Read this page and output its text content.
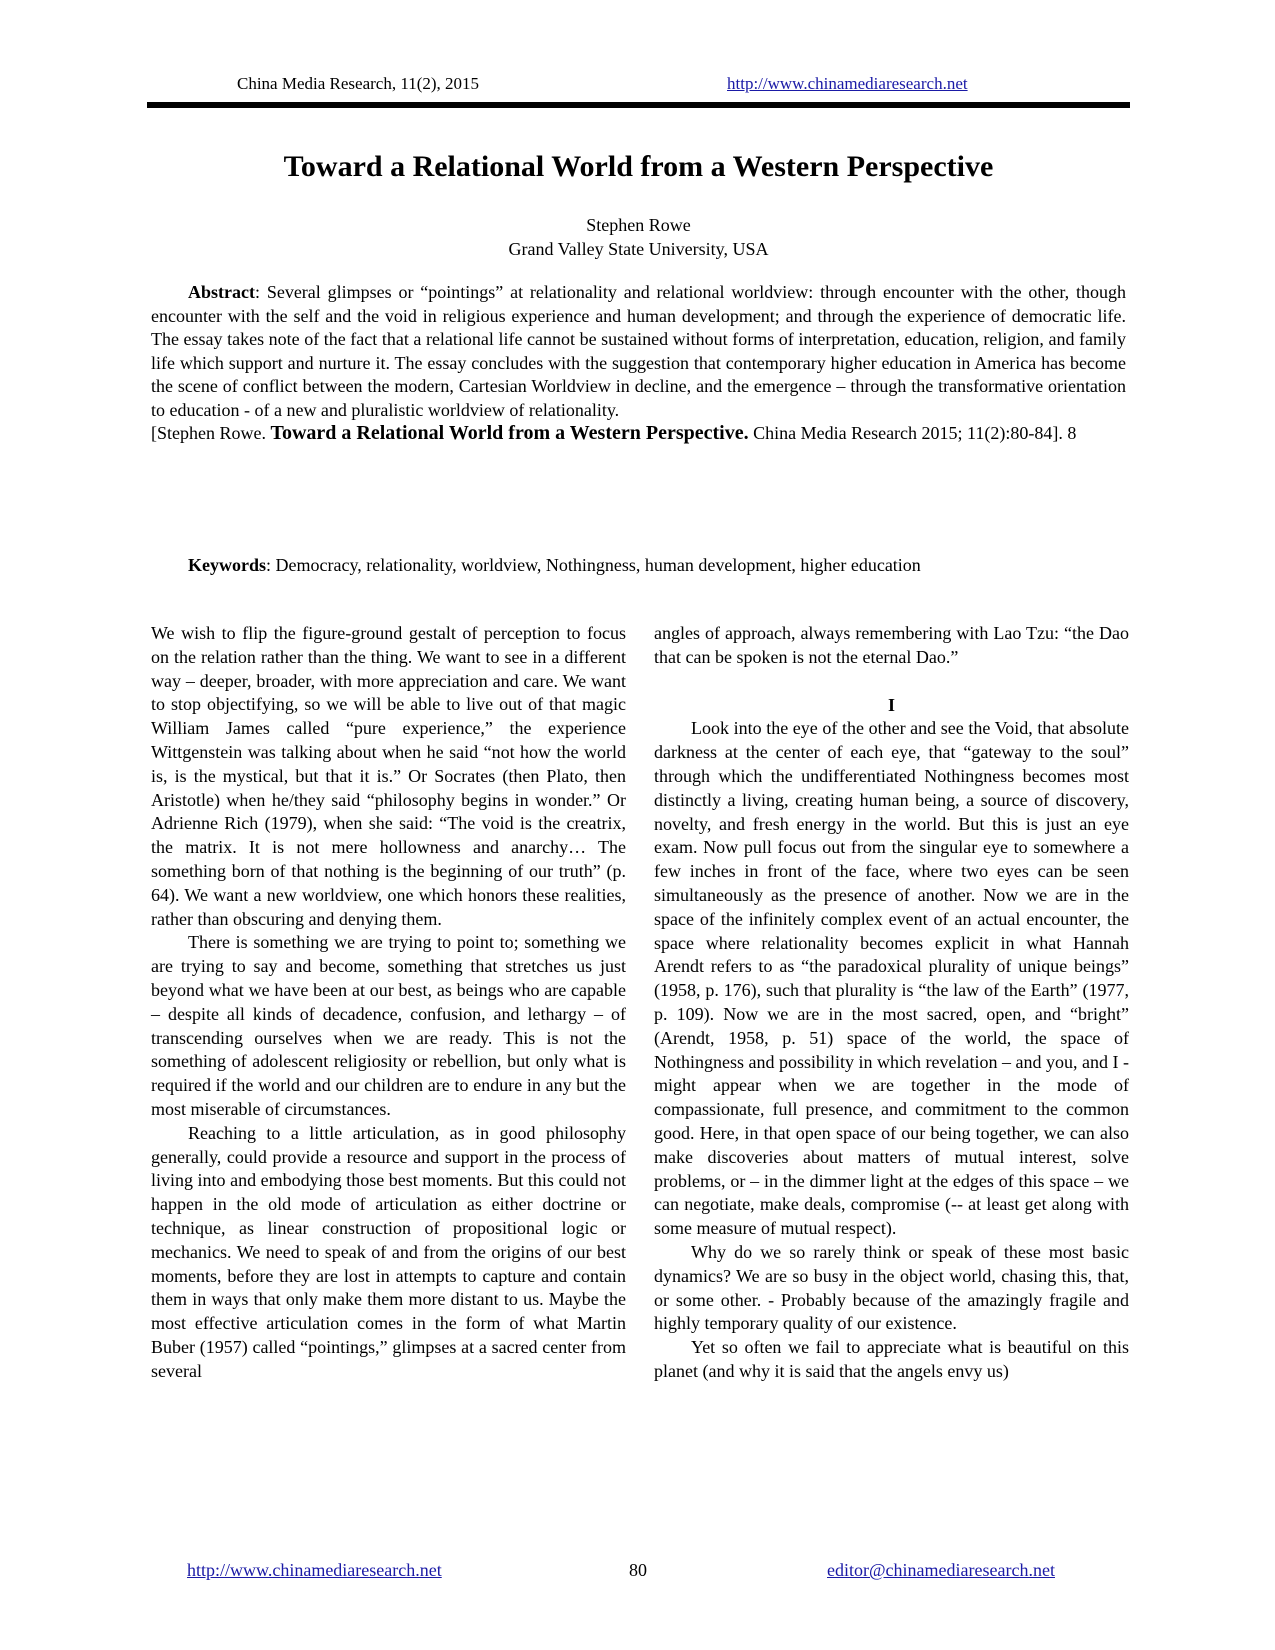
China Media Research, 11(2), 2015	http://www.chinamediaresearch.net
Toward a Relational World from a Western Perspective
Stephen Rowe
Grand Valley State University, USA

Abstract: Several glimpses or “pointings” at relationality and relational worldview: through encounter with the other, though encounter with the self and the void in religious experience and human development; and through the experience of democratic life. The essay takes note of the fact that a relational life cannot be sustained without forms of interpretation, education, religion, and family life which support and nurture it. The essay concludes with the suggestion that contemporary higher education in America has become the scene of conflict between the modern, Cartesian Worldview in decline, and the emergence – through the transformative orientation to education - of a new and pluralistic worldview of relationality.

[Stephen Rowe. Toward a Relational World from a Western Perspective. China Media Research 2015; 11(2):80-84]. 8

Keywords: Democracy, relationality, worldview, Nothingness, human development, higher education

We wish to flip the figure-ground gestalt of perception to focus on the relation rather than the thing. We want to see in a different way – deeper, broader, with more appreciation and care. We want to stop objectifying, so we will be able to live out of that magic William James called “pure experience,” the experience Wittgenstein was talking about when he said “not how the world is, is the mystical, but that it is.” Or Socrates (then Plato, then Aristotle) when he/they said “philosophy begins in wonder.” Or Adrienne Rich (1979), when she said: “The void is the creatrix, the matrix. It is not mere hollowness and anarchy… The something born of that nothing is the beginning of our truth” (p. 64). We want a new worldview, one which honors these realities, rather than obscuring and denying them.

There is something we are trying to point to; something we are trying to say and become, something that stretches us just beyond what we have been at our best, as beings who are capable – despite all kinds of decadence, confusion, and lethargy – of transcending ourselves when we are ready. This is not the something of adolescent religiosity or rebellion, but only what is required if the world and our children are to endure in any but the most miserable of circumstances.

Reaching to a little articulation, as in good philosophy generally, could provide a resource and support in the process of living into and embodying those best moments. But this could not happen in the old mode of articulation as either doctrine or technique, as linear construction of propositional logic or mechanics. We need to speak of and from the origins of our best moments, before they are lost in attempts to capture and contain them in ways that only make them more distant to us. Maybe the most effective articulation comes in the form of what Martin Buber (1957) called “pointings,” glimpses at a sacred center from several

angles of approach, always remembering with Lao Tzu: “the Dao that can be spoken is not the eternal Dao.”

I

Look into the eye of the other and see the Void, that absolute darkness at the center of each eye, that “gateway to the soul” through which the undifferentiated Nothingness becomes most distinctly a living, creating human being, a source of discovery, novelty, and fresh energy in the world. But this is just an eye exam. Now pull focus out from the singular eye to somewhere a few inches in front of the face, where two eyes can be seen simultaneously as the presence of another. Now we are in the space of the infinitely complex event of an actual encounter, the space where relationality becomes explicit in what Hannah Arendt refers to as “the paradoxical plurality of unique beings” (1958, p. 176), such that plurality is “the law of the Earth” (1977, p. 109). Now we are in the most sacred, open, and “bright” (Arendt, 1958, p. 51) space of the world, the space of Nothingness and possibility in which revelation – and you, and I - might appear when we are together in the mode of compassionate, full presence, and commitment to the common good. Here, in that open space of our being together, we can also make discoveries about matters of mutual interest, solve problems, or – in the dimmer light at the edges of this space – we can negotiate, make deals, compromise (-- at least get along with some measure of mutual respect).

Why do we so rarely think or speak of these most basic dynamics? We are so busy in the object world, chasing this, that, or some other. - Probably because of the amazingly fragile and highly temporary quality of our existence.

Yet so often we fail to appreciate what is beautiful on this planet (and why it is said that the angels envy us)

http://www.chinamediaresearch.net	80	editor@chinamediaresearch.net
